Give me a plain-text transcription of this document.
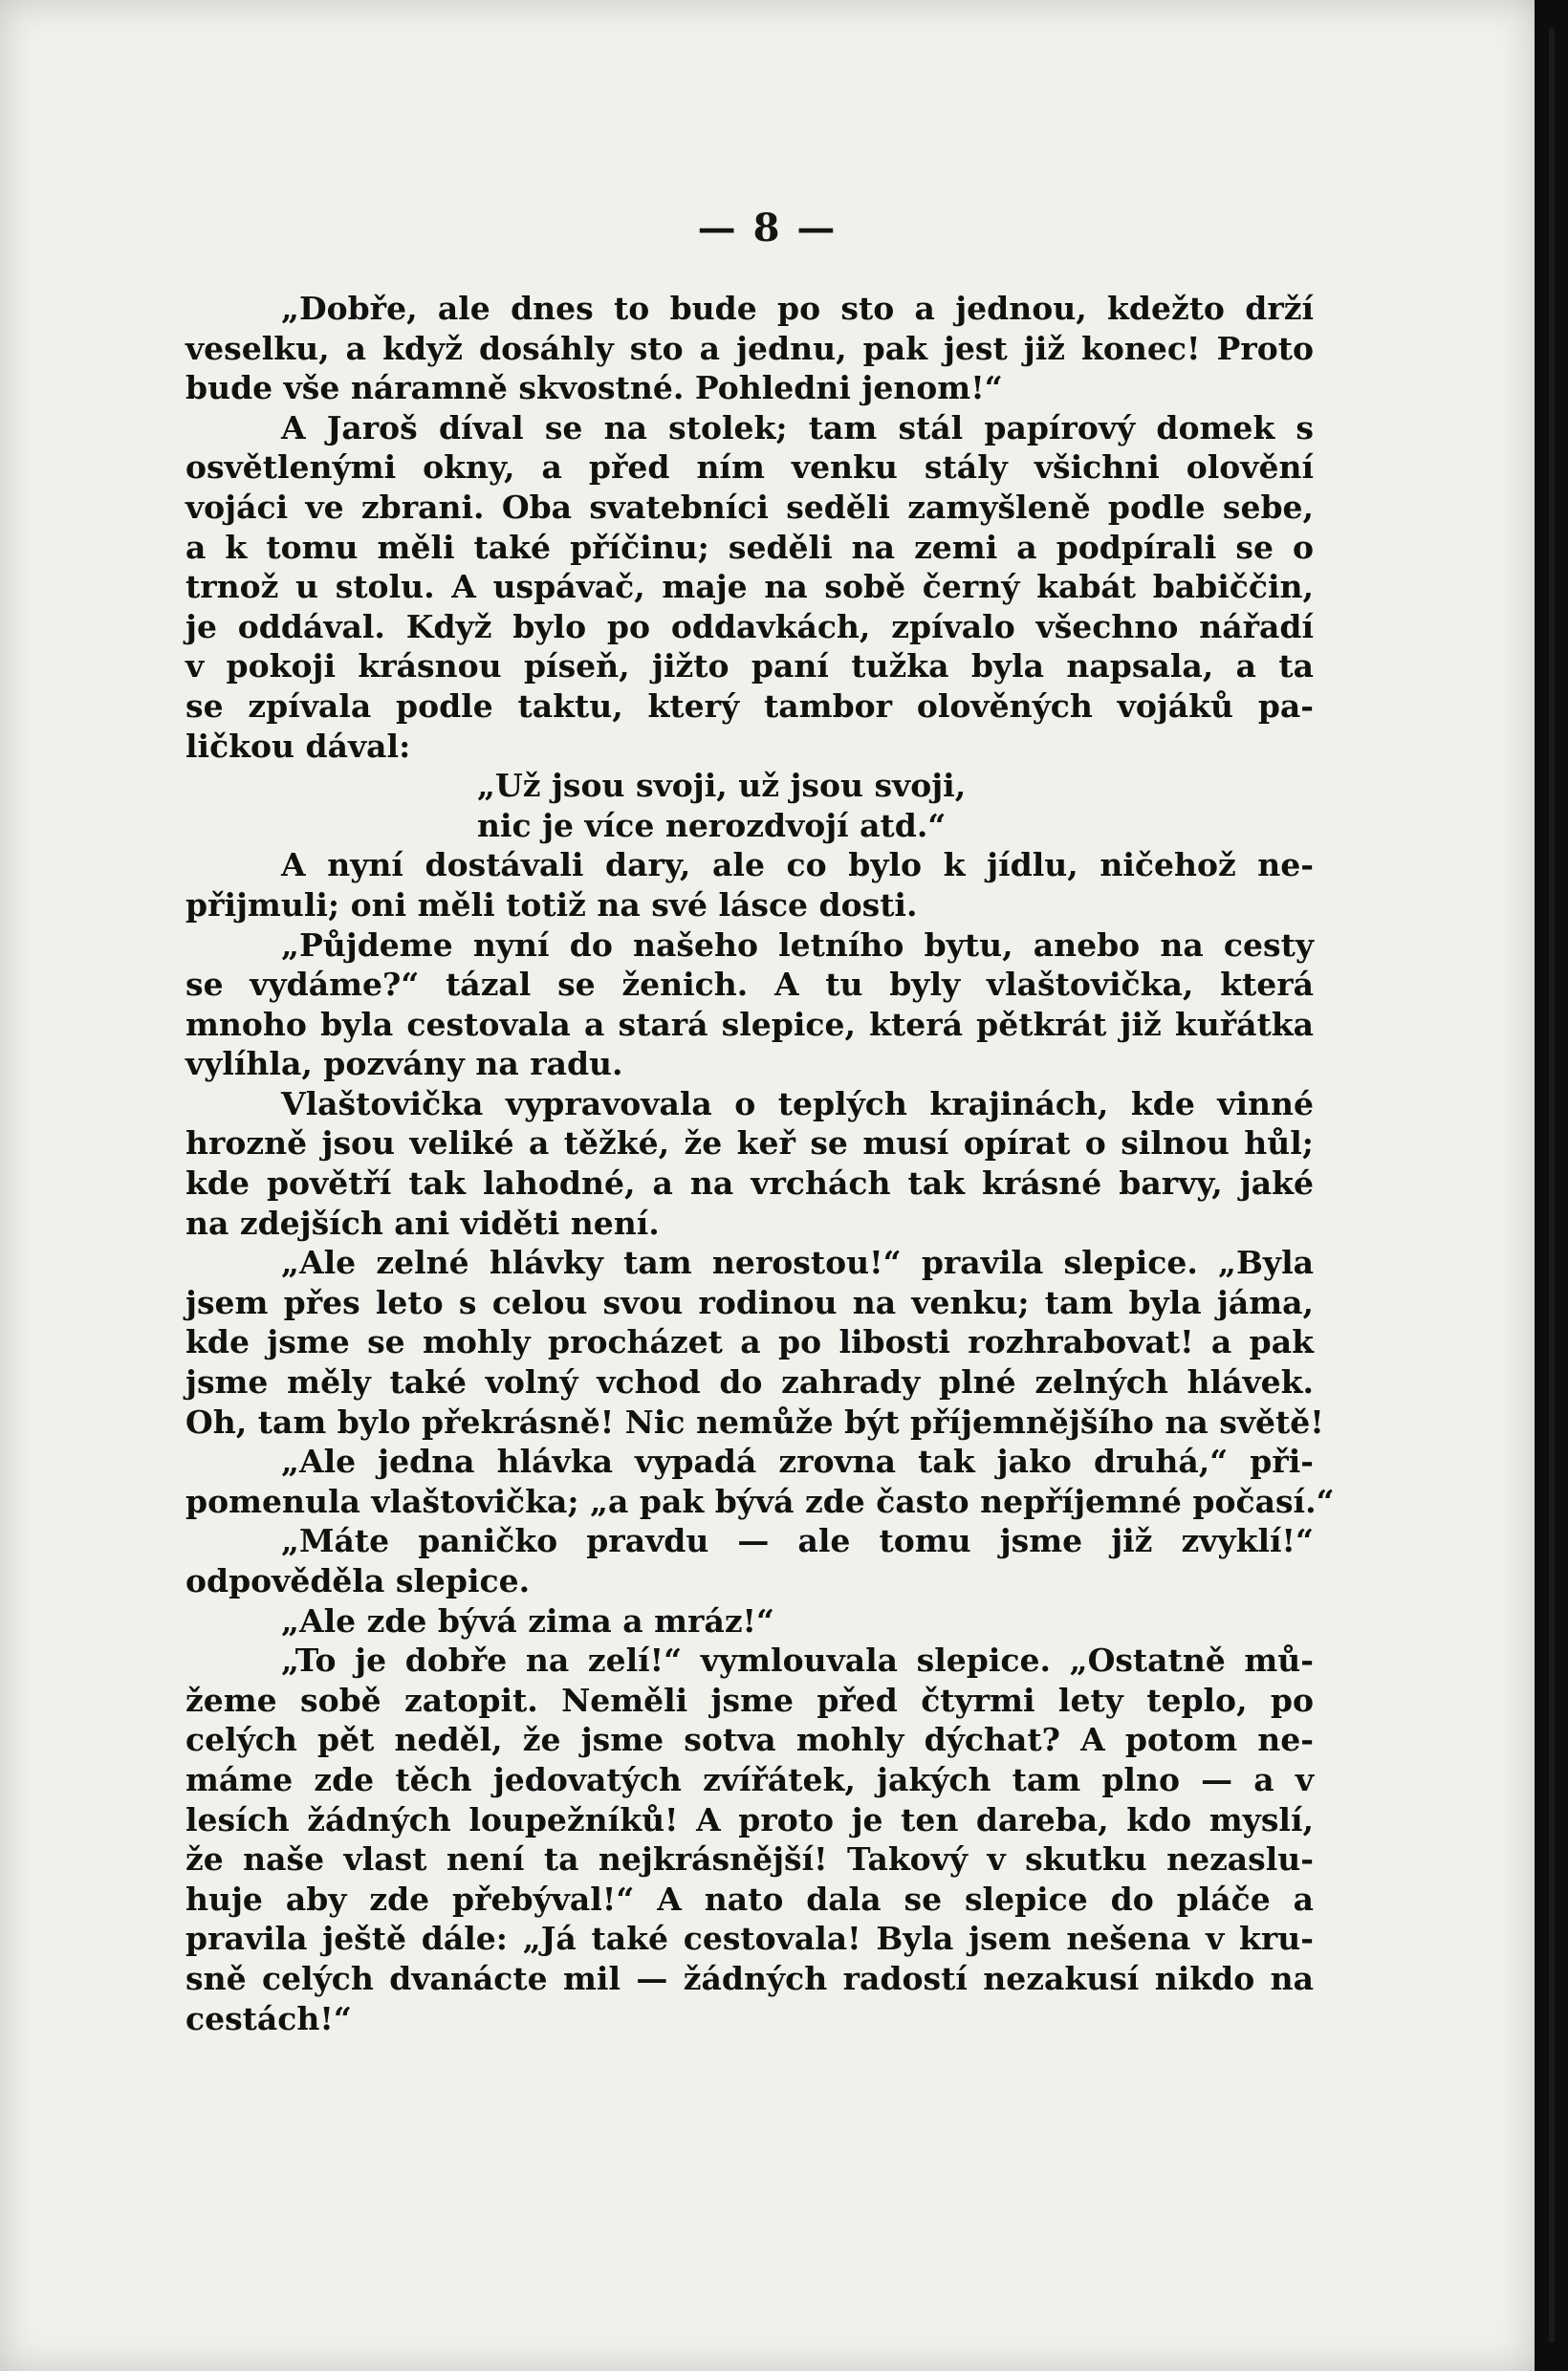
— 8 —
„Dobře, ale dnes to bude po sto a jednou, kdežto drží
veselku, a když dosáhly sto a jednu, pak jest již konec! Proto
bude vše náramně skvostné. Pohledni jenom!“
A Jaroš díval se na stolek; tam stál papírový domek s
osvětlenými okny, a před ním venku stály všichni olovění
vojáci ve zbrani. Oba svatebníci seděli zamyšleně podle sebe,
a k tomu měli také příčinu; seděli na zemi a podpírali se o
trnož u stolu. A uspávač, maje na sobě černý kabát babiččin,
je oddával. Když bylo po oddavkách, zpívalo všechno nářadí
v pokoji krásnou píseň, jižto paní tužka byla napsala, a ta
se zpívala podle taktu, který tambor olověných vojáků pa-
ličkou dával:
„Už jsou svoji, už jsou svoji,
nic je více nerozdvojí atd.“
A nyní dostávali dary, ale co bylo k jídlu, ničehož ne-
přijmuli; oni měli totiž na své lásce dosti.
„Půjdeme nyní do našeho letního bytu, anebo na cesty
se vydáme?“ tázal se ženich. A tu byly vlaštovička, která
mnoho byla cestovala a stará slepice, která pětkrát již kuřátka
vylíhla, pozvány na radu.
Vlaštovička vypravovala o teplých krajinách, kde vinné
hrozně jsou veliké a těžké, že keř se musí opírat o silnou hůl;
kde povětří tak lahodné, a na vrchách tak krásné barvy, jaké
na zdejších ani viděti není.
„Ale zelné hlávky tam nerostou!“ pravila slepice. „Byla
jsem přes leto s celou svou rodinou na venku; tam byla jáma,
kde jsme se mohly procházet a po libosti rozhrabovat! a pak
jsme měly také volný vchod do zahrady plné zelných hlávek.
Oh, tam bylo překrásně! Nic nemůže být příjemnějšího na světě!
„Ale jedna hlávka vypadá zrovna tak jako druhá,“ při-
pomenula vlaštovička; „a pak bývá zde často nepříjemné počasí.“
„Máte paničko pravdu — ale tomu jsme již zvyklí!“
odpověděla slepice.
„Ale zde bývá zima a mráz!“
„To je dobře na zelí!“ vymlouvala slepice. „Ostatně mů-
žeme sobě zatopit. Neměli jsme před čtyrmi lety teplo, po
celých pět neděl, že jsme sotva mohly dýchat? A potom ne-
máme zde těch jedovatých zvířátek, jakých tam plno — a v
lesích žádných loupežníků! A proto je ten dareba, kdo myslí,
že naše vlast není ta nejkrásnější! Takový v skutku nezaslu-
huje aby zde přebýval!“ A nato dala se slepice do pláče a
pravila ještě dále: „Já také cestovala! Byla jsem nešena v kru-
sně celých dvanácte mil — žádných radostí nezakusí nikdo na
cestách!“
